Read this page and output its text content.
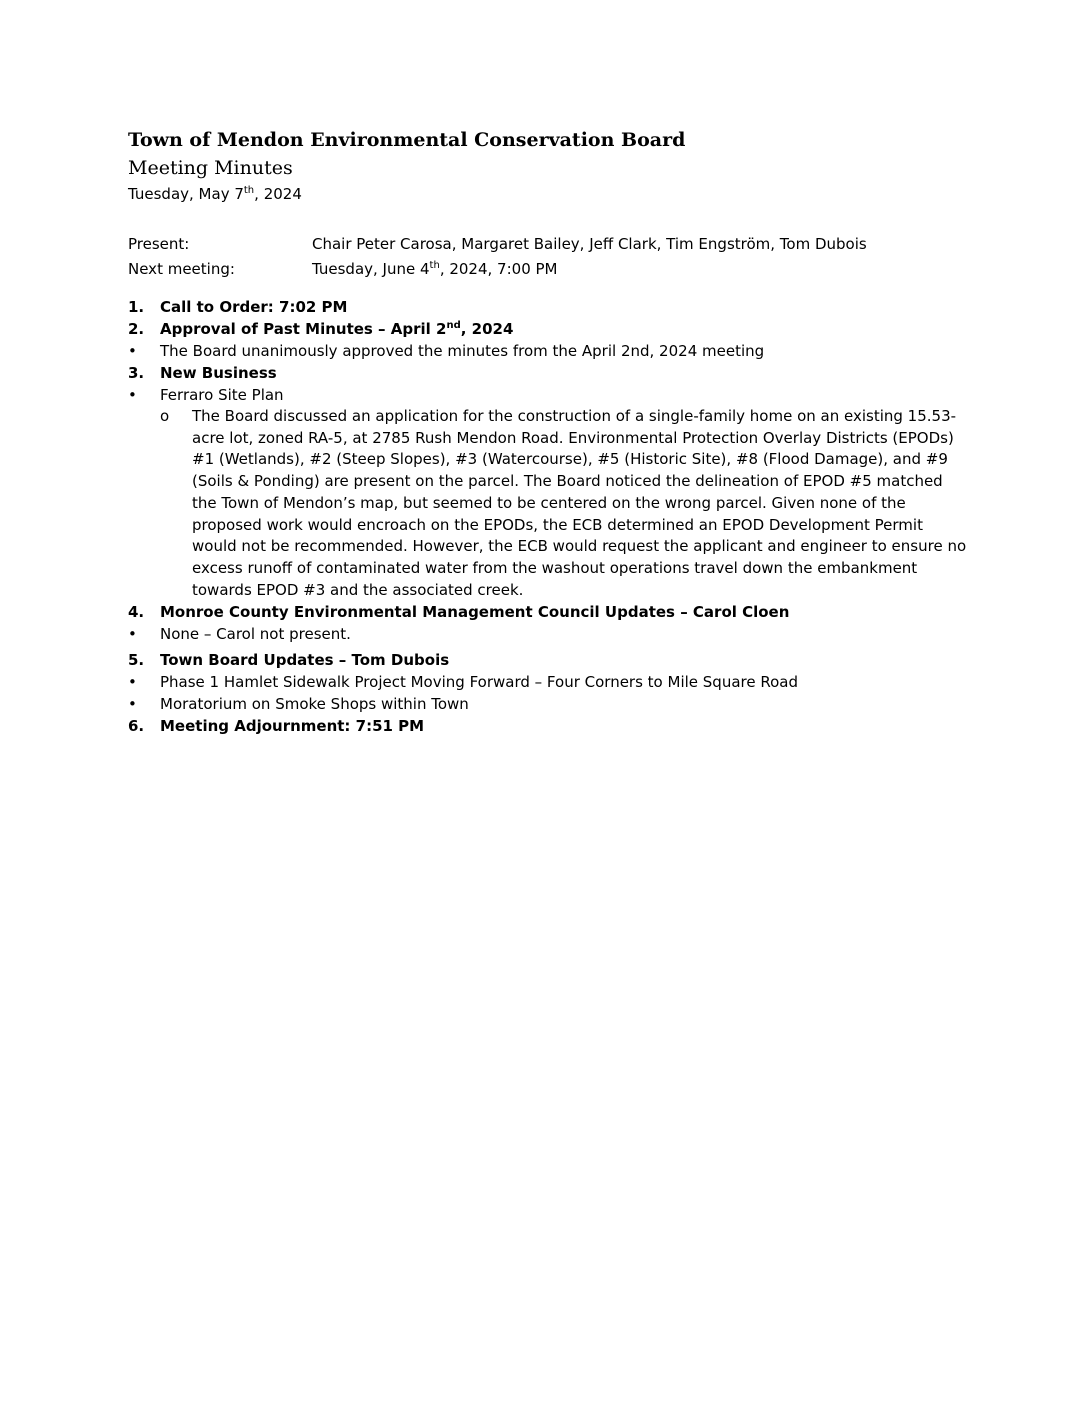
Town of Mendon Environmental Conservation Board
Meeting Minutes
Tuesday, May 7th, 2024
Present:	Chair Peter Carosa, Margaret Bailey, Jeff Clark, Tim Engström, Tom Dubois
Next meeting:	Tuesday, June 4th, 2024, 7:00 PM
1. Call to Order: 7:02 PM
2. Approval of Past Minutes – April 2nd, 2024
• The Board unanimously approved the minutes from the April 2nd, 2024 meeting
3. New Business
• Ferraro Site Plan
o The Board discussed an application for the construction of a single-family home on an existing 15.53-acre lot, zoned RA-5, at 2785 Rush Mendon Road. Environmental Protection Overlay Districts (EPODs) #1 (Wetlands), #2 (Steep Slopes), #3 (Watercourse), #5 (Historic Site), #8 (Flood Damage), and #9 (Soils & Ponding) are present on the parcel. The Board noticed the delineation of EPOD #5 matched the Town of Mendon’s map, but seemed to be centered on the wrong parcel. Given none of the proposed work would encroach on the EPODs, the ECB determined an EPOD Development Permit would not be recommended. However, the ECB would request the applicant and engineer to ensure no excess runoff of contaminated water from the washout operations travel down the embankment towards EPOD #3 and the associated creek.
4. Monroe County Environmental Management Council Updates – Carol Cloen
• None – Carol not present.
5. Town Board Updates – Tom Dubois
• Phase 1 Hamlet Sidewalk Project Moving Forward – Four Corners to Mile Square Road
• Moratorium on Smoke Shops within Town
6. Meeting Adjournment: 7:51 PM
